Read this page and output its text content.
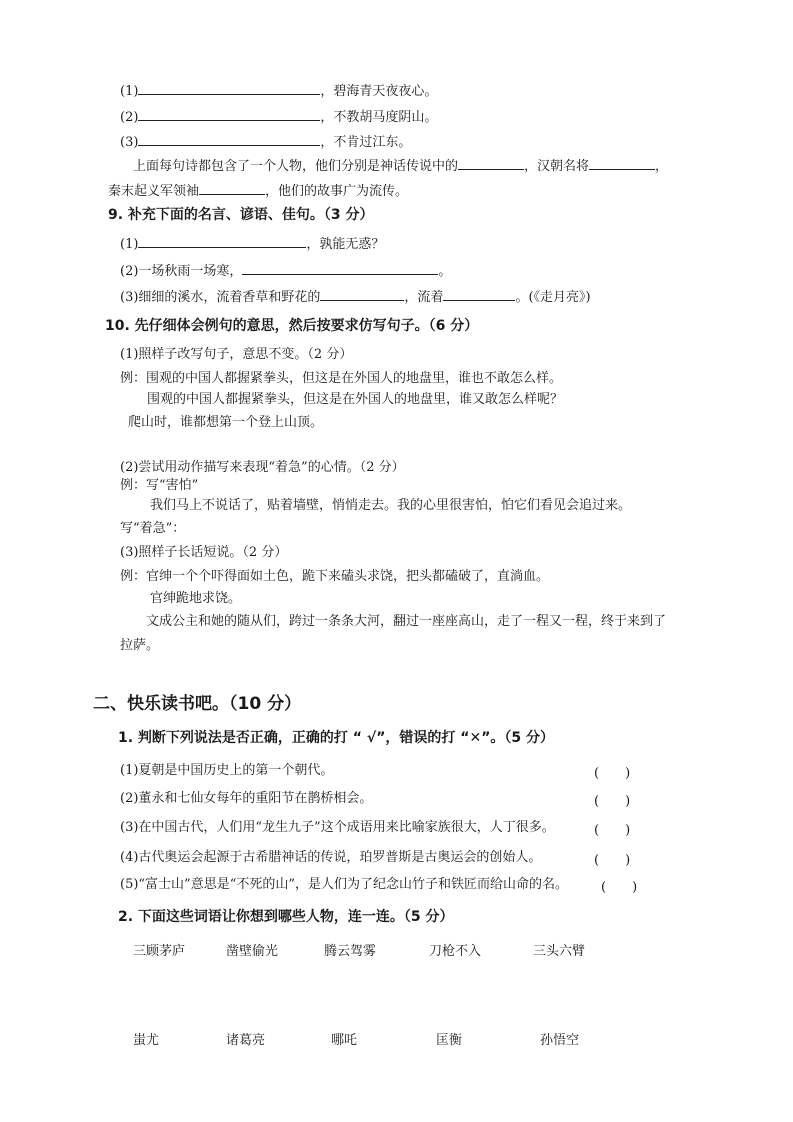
(1)	，碧海青天夜夜心。
(2)	，不教胡马度阴山。
(3)	，不肯过江东。
上面每句诗都包含了一个人物，他们分别是神话传说中的	，汉朝名将	，
秦末起义军领袖	，他们的故事广为流传。
9. 补充下面的名言、谚语、佳句。（3 分）
(1)	，孰能无惑？
(2)一场秋雨一场寒，	。
(3)细细的溪水，流着香草和野花的	，流着	。(《走月亮》)
10. 先仔细体会例句的意思，然后按要求仿写句子。（6 分）
(1)照样子改写句子，意思不变。（2 分）
例：围观的中国人都握紧拳头，但这是在外国人的地盘里，谁也不敢怎么样。
围观的中国人都握紧拳头，但这是在外国人的地盘里，谁又敢怎么样呢？
爬山时，谁都想第一个登上山顶。
(2)尝试用动作描写来表现“着急”的心情。（2 分）
例：写“害怕”
我们马上不说话了，贴着墙壁，悄悄走去。我的心里很害怕，怕它们看见会追过来。
写“着急”：
(3)照样子长话短说。（2 分）
例：官绅一个个吓得面如土色，跪下来磕头求饶，把头都磕破了，直淌血。
官绅跪地求饶。
文成公主和她的随从们，跨过一条条大河，翻过一座座高山，走了一程又一程，终于来到了
拉萨。
二、快乐读书吧。（10 分）
1. 判断下列说法是否正确，正确的打 “ √”，错误的打 “✕”。（5 分）
(1)夏朝是中国历史上的第一个朝代。	(　　)
(2)董永和七仙女每年的重阳节在鹊桥相会。	(　　)
(3)在中国古代，人们用“龙生九子”这个成语用来比喻家族很大，人丁很多。	(　　)
(4)古代奥运会起源于古希腊神话的传说，珀罗普斯是古奥运会的创始人。	(　　)
(5)“富士山”意思是“不死的山”，是人们为了纪念山竹子和铁匠而给山命的名。	(　　)
2. 下面这些词语让你想到哪些人物，连一连。（5 分）
三顾茅庐	凿壁偷光	腾云驾雾	刀枪不入	三头六臂
蚩尤	诸葛亮	哪吒	匡衡	孙悟空
